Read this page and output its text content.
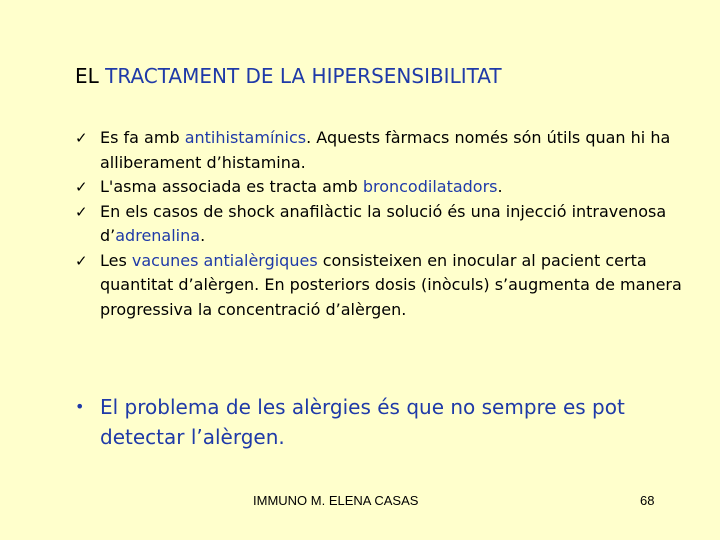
EL TRACTAMENT DE LA HIPERSENSIBILITAT
✓ Es fa amb antihistamínics. Aquests fàrmacs només són útils quan hi ha alliberament d’histamina.
✓ L'asma associada es tracta amb broncodilatadors.
✓ En els casos de shock anafilàctic la solució és una injecció intravenosa d’adrenalina.
✓ Les vacunes antialèrgiques consisteixen en inocular al pacient certa quantitat d’alèrgen. En posteriors dosis (inòculs) s’augmenta de manera progressiva la concentració d’alèrgen.
• El problema de les alèrgies és que no sempre es pot detectar l’alèrgen.
IMMUNO M. ELENA CASAS	68
